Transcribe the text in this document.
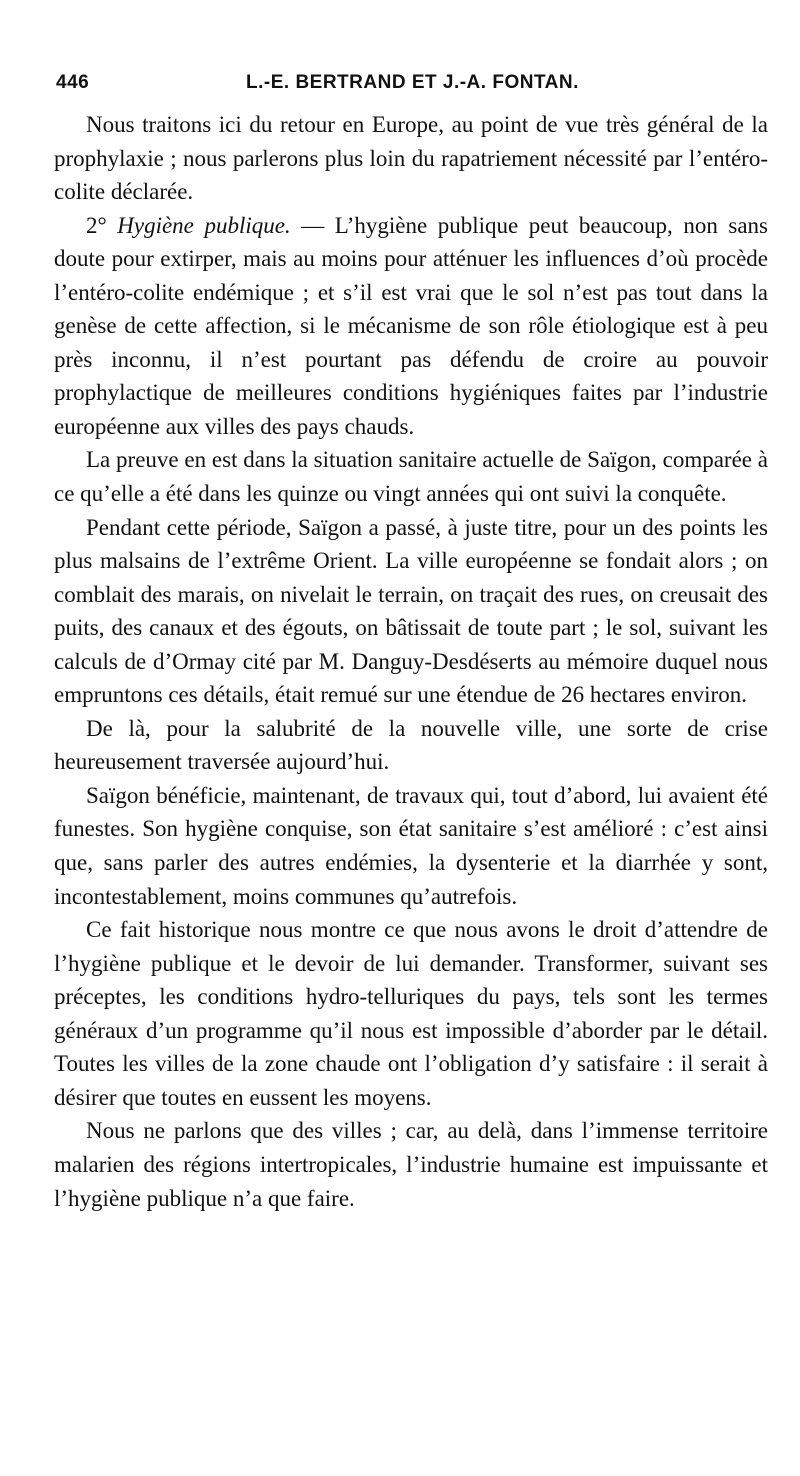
446	L.-E. BERTRAND ET J.-A. FONTAN.

Nous traitons ici du retour en Europe, au point de vue très général de la prophylaxie ; nous parlerons plus loin du rapatriement nécessité par l’entéro-colite déclarée.

2° Hygiène publique. — L’hygiène publique peut beaucoup, non sans doute pour extirper, mais au moins pour atténuer les influences d’où procède l’entéro-colite endémique ; et s’il est vrai que le sol n’est pas tout dans la genèse de cette affection, si le mécanisme de son rôle étiologique est à peu près inconnu, il n’est pourtant pas défendu de croire au pouvoir prophylactique de meilleures conditions hygiéniques faites par l’industrie européenne aux villes des pays chauds.

La preuve en est dans la situation sanitaire actuelle de Saïgon, comparée à ce qu’elle a été dans les quinze ou vingt années qui ont suivi la conquête.

Pendant cette période, Saïgon a passé, à juste titre, pour un des points les plus malsains de l’extrême Orient. La ville européenne se fondait alors ; on comblait des marais, on nivelait le terrain, on traçait des rues, on creusait des puits, des canaux et des égouts, on bâtissait de toute part ; le sol, suivant les calculs de d’Ormay cité par M. Danguy-Desdéserts au mémoire duquel nous empruntons ces détails, était remué sur une étendue de 26 hectares environ.

De là, pour la salubrité de la nouvelle ville, une sorte de crise heureusement traversée aujourd’hui.

Saïgon bénéficie, maintenant, de travaux qui, tout d’abord, lui avaient été funestes. Son hygiène conquise, son état sanitaire s’est amélioré : c’est ainsi que, sans parler des autres endémies, la dysenterie et la diarrhée y sont, incontestablement, moins communes qu’autrefois.

Ce fait historique nous montre ce que nous avons le droit d’attendre de l’hygiène publique et le devoir de lui demander. Transformer, suivant ses préceptes, les conditions hydro-telluriques du pays, tels sont les termes généraux d’un programme qu’il nous est impossible d’aborder par le détail. Toutes les villes de la zone chaude ont l’obligation d’y satisfaire : il serait à désirer que toutes en eussent les moyens.

Nous ne parlons que des villes ; car, au delà, dans l’immense territoire malarien des régions intertropicales, l’industrie humaine est impuissante et l’hygiène publique n’a que faire.
